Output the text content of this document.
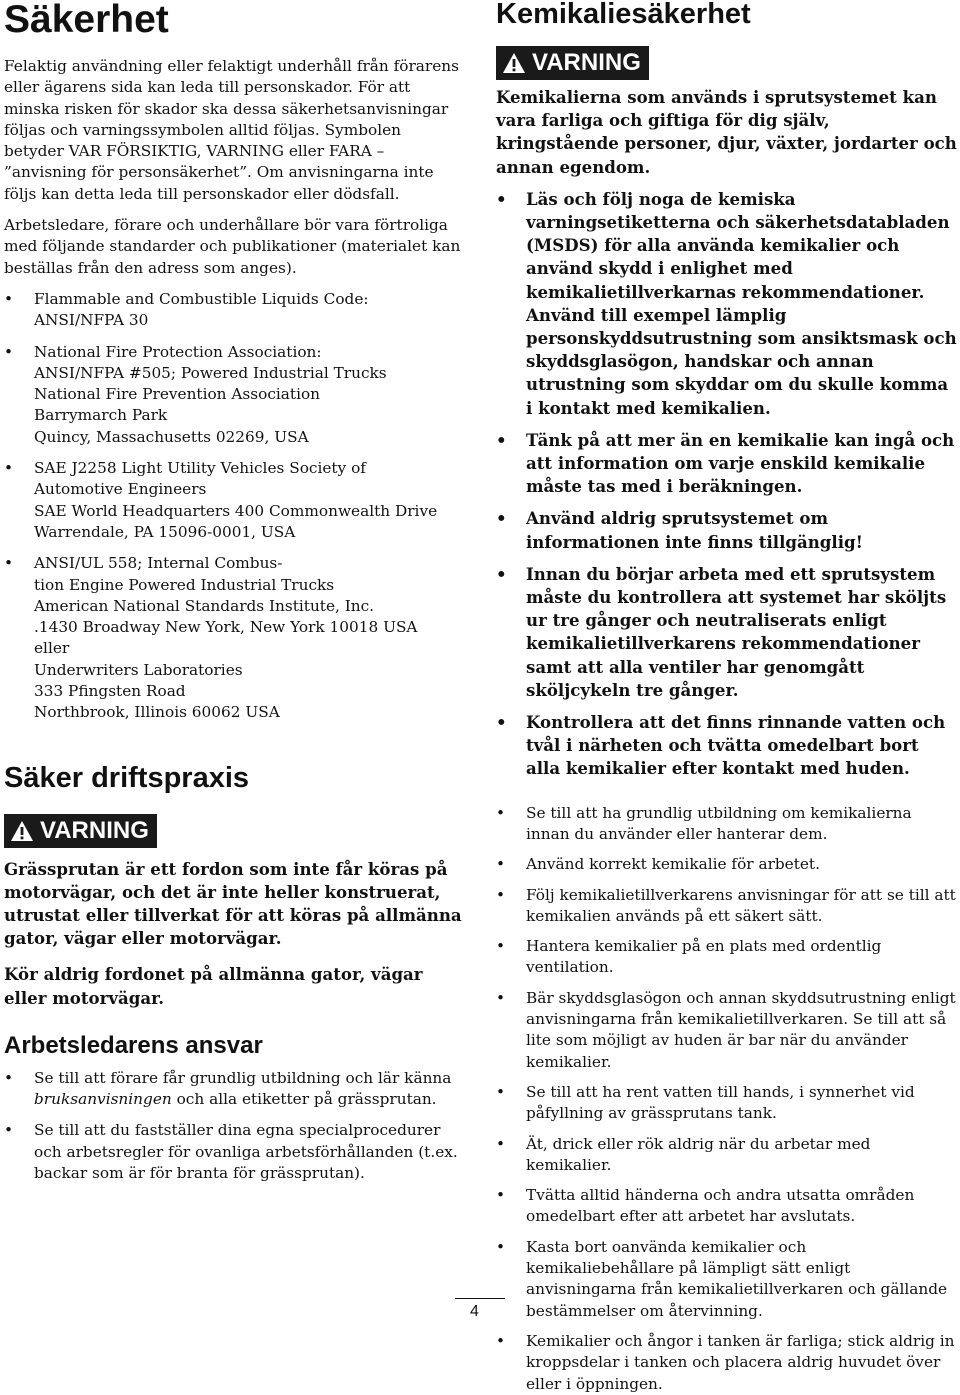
Säkerhet

Felaktig användning eller felaktigt underhåll från förarens eller ägarens sida kan leda till personskador. För att minska risken för skador ska dessa säkerhetsanvisningar följas och varningssymbolen alltid följas. Symbolen betyder VAR FÖRSIKTIG, VARNING eller FARA – ”anvisning för personsäkerhet”. Om anvisningarna inte följs kan detta leda till personskador eller dödsfall.

Arbetsledare, förare och underhållare bör vara förtroliga med följande standarder och publikationer (materialet kan beställas från den adress som anges).

• Flammable and Combustible Liquids Code:
ANSI/NFPA 30
• National Fire Protection Association:
ANSI/NFPA #505; Powered Industrial Trucks
National Fire Prevention Association
Barrymarch Park
Quincy, Massachusetts 02269, USA
• SAE J2258 Light Utility Vehicles Society of
Automotive Engineers
SAE World Headquarters 400 Commonwealth Drive
Warrendale, PA 15096-0001, USA
• ANSI/UL 558; Internal Combus-
tion Engine Powered Industrial Trucks
American National Standards Institute, Inc.
.1430 Broadway New York, New York 10018 USA
eller
Underwriters Laboratories
333 Pfingsten Road
Northbrook, Illinois 60062 USA
Säker driftspraxis
VARNING

Grässprutan är ett fordon som inte får köras på motorvägar, och det är inte heller konstruerat, utrustat eller tillverkat för att köras på allmänna gator, vägar eller motorvägar.

Kör aldrig fordonet på allmänna gator, vägar eller motorvägar.

Arbetsledarens ansvar
• Se till att förare får grundlig utbildning och lär känna bruksanvisningen och alla etiketter på grässprutan.
• Se till att du fastställer dina egna specialprocedurer och arbetsregler för ovanliga arbetsförhållanden (t.ex. backar som är för branta för grässprutan).
Kemikaliesäkerhet
VARNING

Kemikalierna som används i sprutsystemet kan vara farliga och giftiga för dig själv, kringstående personer, djur, växter, jordarter och annan egendom.

• Läs och följ noga de kemiska varningsetiketterna och säkerhetsdatabladen (MSDS) för alla använda kemikalier och använd skydd i enlighet med kemikalietillverkarnas rekommendationer. Använd till exempel lämplig personskyddsutrustning som ansiktsmask och skyddsglasögon, handskar och annan utrustning som skyddar om du skulle komma i kontakt med kemikalien.
• Tänk på att mer än en kemikalie kan ingå och att information om varje enskild kemikalie måste tas med i beräkningen.
• Använd aldrig sprutsystemet om informationen inte finns tillgänglig!
• Innan du börjar arbeta med ett sprutsystem måste du kontrollera att systemet har sköljts ur tre gånger och neutraliserats enligt kemikalietillverkarens rekommendationer samt att alla ventiler har genomgått sköljcykeln tre gånger.
• Kontrollera att det finns rinnande vatten och tvål i närheten och tvätta omedelbart bort alla kemikalier efter kontakt med huden.
• Se till att ha grundlig utbildning om kemikalierna innan du använder eller hanterar dem.
• Använd korrekt kemikalie för arbetet.
• Följ kemikalietillverkarens anvisningar för att se till att kemikalien används på ett säkert sätt.
• Hantera kemikalier på en plats med ordentlig ventilation.
• Bär skyddsglasögon och annan skyddsutrustning enligt anvisningarna från kemikalietillverkaren. Se till att så lite som möjligt av huden är bar när du använder kemikalier.
• Se till att ha rent vatten till hands, i synnerhet vid påfyllning av grässprutans tank.
• Ät, drick eller rök aldrig när du arbetar med kemikalier.
• Tvätta alltid händerna och andra utsatta områden omedelbart efter att arbetet har avslutats.
• Kasta bort oanvända kemikalier och kemikaliebehållare på lämpligt sätt enligt anvisningarna från kemikalietillverkaren och gällande bestämmelser om återvinning.
• Kemikalier och ångor i tanken är farliga; stick aldrig in kroppsdelar i tanken och placera aldrig huvudet över eller i öppningen.
4
